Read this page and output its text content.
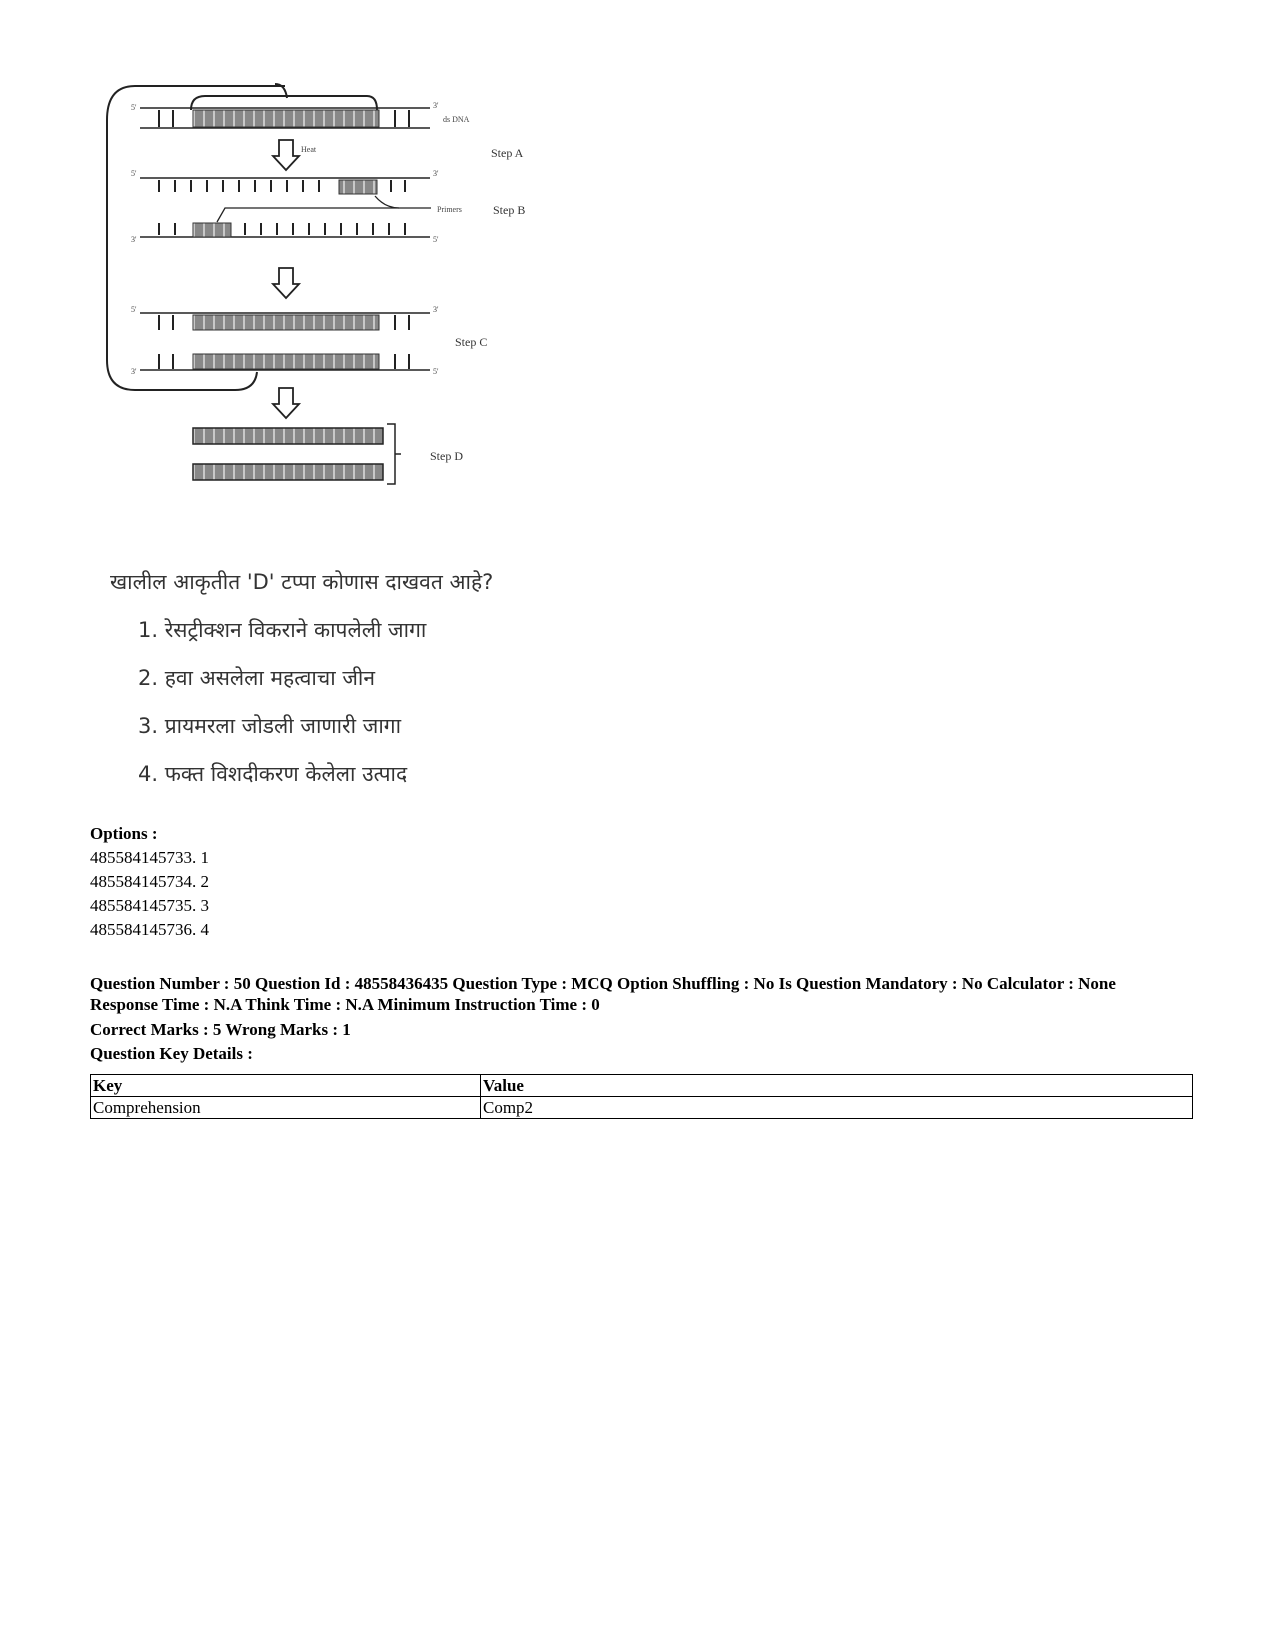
5'	3'
ds DNA
Heat	Step A
5'	3'
3'	5'
Primers	Step B
5'	3'
3'	5'
Step C
Step D
खालील आकृतीत 'D' टप्पा कोणास दाखवत आहे?
1. रेसट्रीक्शन विकराने कापलेली जागा
2. हवा असलेला महत्वाचा जीन
3. प्रायमरला जोडली जाणारी जागा
4. फक्त विशदीकरण केलेला उत्पाद
Options :
485584145733. 1
485584145734. 2
485584145735. 3
485584145736. 4
Question Number : 50 Question Id : 48558436435 Question Type : MCQ Option Shuffling : No Is Question Mandatory : No Calculator : None
Response Time : N.A Think Time : N.A Minimum Instruction Time : 0
Correct Marks : 5 Wrong Marks : 1
Question Key Details :
Key	Value
Comprehension	Comp2
